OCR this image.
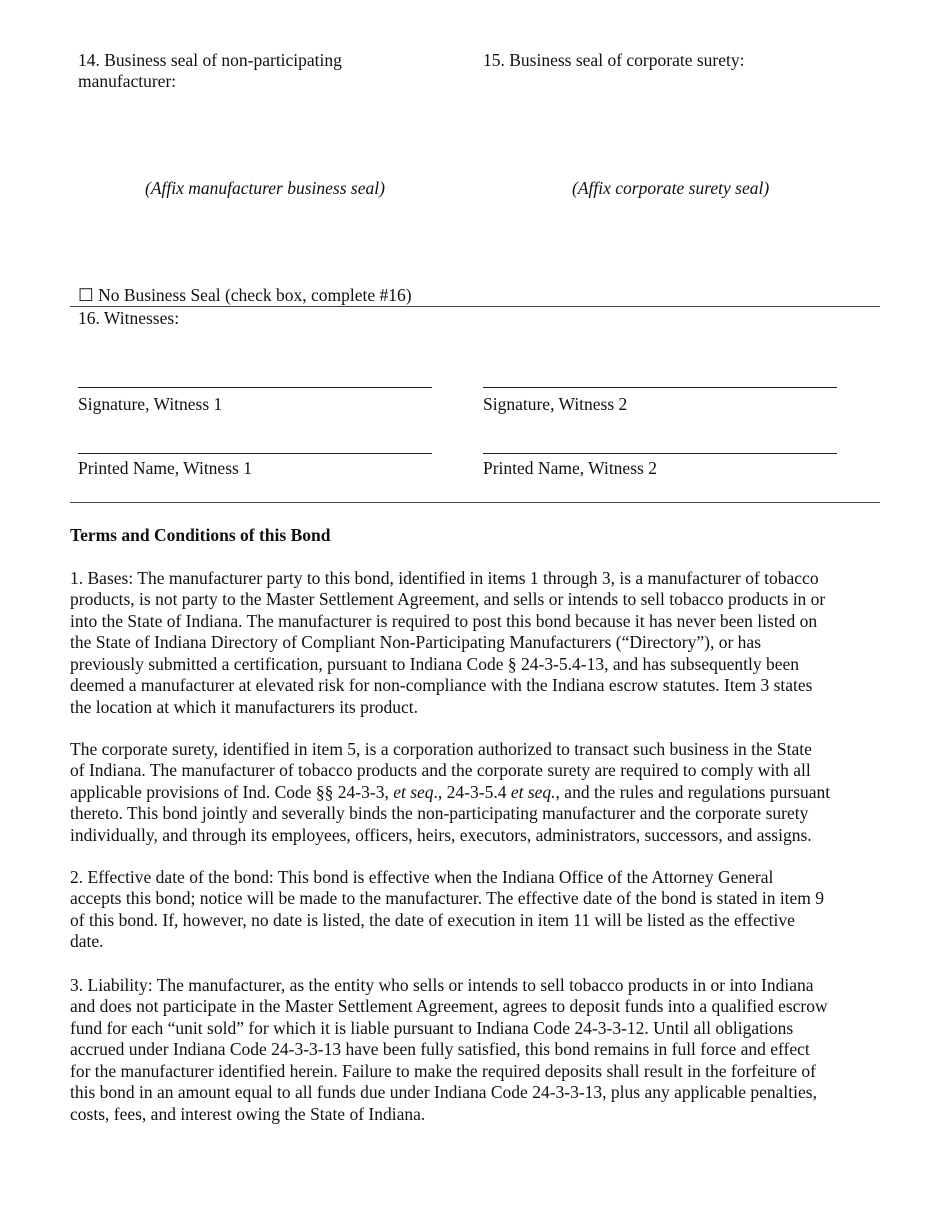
14. Business seal of non-participating
manufacturer:
15. Business seal of corporate surety:
(Affix manufacturer business seal)	(Affix corporate surety seal)
☐ No Business Seal (check box, complete #16)
16. Witnesses:
Signature, Witness 1	Signature, Witness 2
Printed Name, Witness 1	Printed Name, Witness 2
Terms and Conditions of this Bond
1. Bases: The manufacturer party to this bond, identified in items 1 through 3, is a manufacturer of tobacco
products, is not party to the Master Settlement Agreement, and sells or intends to sell tobacco products in or
into the State of Indiana. The manufacturer is required to post this bond because it has never been listed on
the State of Indiana Directory of Compliant Non-Participating Manufacturers (“Directory”), or has
previously submitted a certification, pursuant to Indiana Code § 24-3-5.4-13, and has subsequently been
deemed a manufacturer at elevated risk for non-compliance with the Indiana escrow statutes. Item 3 states
the location at which it manufacturers its product.
The corporate surety, identified in item 5, is a corporation authorized to transact such business in the State
of Indiana. The manufacturer of tobacco products and the corporate surety are required to comply with all
applicable provisions of Ind. Code §§ 24-3-3, et seq., 24-3-5.4 et seq., and the rules and regulations pursuant
thereto. This bond jointly and severally binds the non-participating manufacturer and the corporate surety
individually, and through its employees, officers, heirs, executors, administrators, successors, and assigns.
2. Effective date of the bond: This bond is effective when the Indiana Office of the Attorney General
accepts this bond; notice will be made to the manufacturer. The effective date of the bond is stated in item 9
of this bond. If, however, no date is listed, the date of execution in item 11 will be listed as the effective
date.
3. Liability: The manufacturer, as the entity who sells or intends to sell tobacco products in or into Indiana
and does not participate in the Master Settlement Agreement, agrees to deposit funds into a qualified escrow
fund for each “unit sold” for which it is liable pursuant to Indiana Code 24-3-3-12. Until all obligations
accrued under Indiana Code 24-3-3-13 have been fully satisfied, this bond remains in full force and effect
for the manufacturer identified herein. Failure to make the required deposits shall result in the forfeiture of
this bond in an amount equal to all funds due under Indiana Code 24-3-3-13, plus any applicable penalties,
costs, fees, and interest owing the State of Indiana.
